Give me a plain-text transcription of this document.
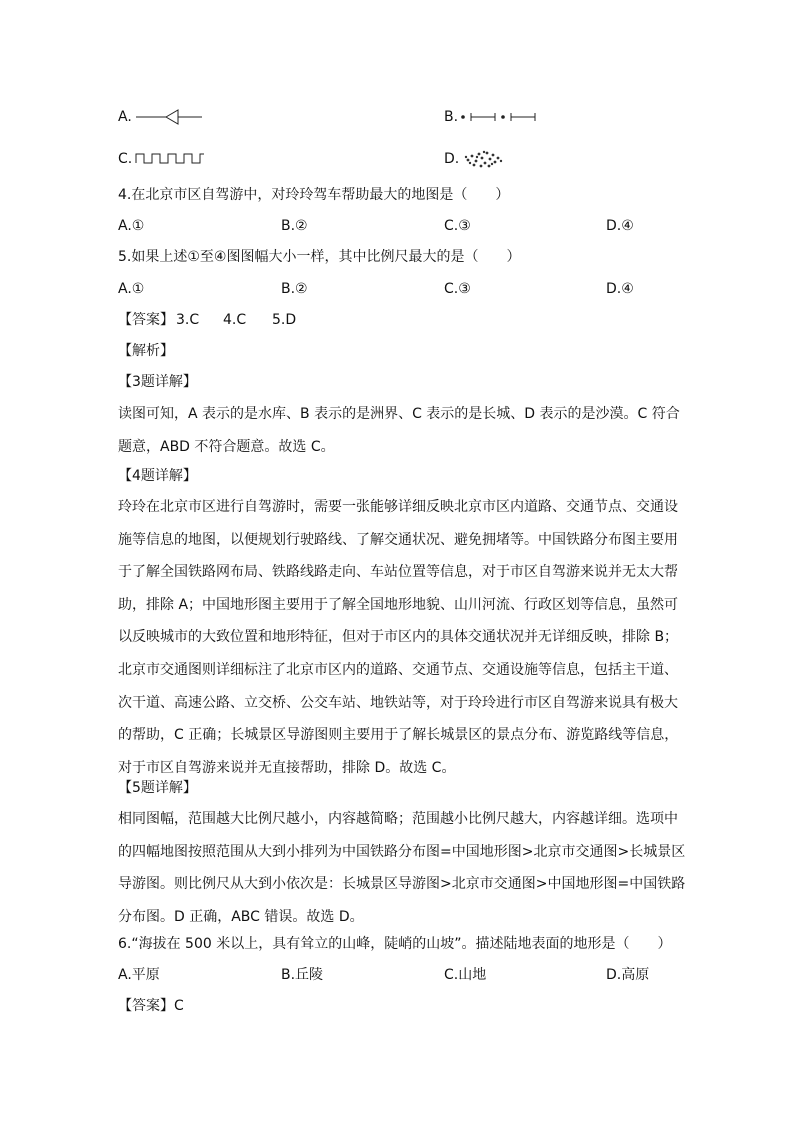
A.	B.
C.	D.
4.在北京市区自驾游中，对玲玲驾车帮助最大的地图是（　　）
A.①	B.②	C.③	D.④
5.如果上述①至④图图幅大小一样，其中比例尺最大的是（　　）
A.①	B.②	C.③	D.④
【答案】 3.C 4.C 5.D
【解析】
【3题详解】

读图可知，A 表示的是水库、B 表示的是洲界、C 表示的是长城、D 表示的是沙漠。C 符合

题意，ABD 不符合题意。故选 C。

【4题详解】

玲玲在北京市区进行自驾游时，需要一张能够详细反映北京市区内道路、交通节点、交通设

施等信息的地图，以便规划行驶路线、了解交通状况、避免拥堵等。中国铁路分布图主要用

于了解全国铁路网布局、铁路线路走向、车站位置等信息，对于市区自驾游来说并无太大帮

助，排除 A；中国地形图主要用于了解全国地形地貌、山川河流、行政区划等信息，虽然可

以反映城市的大致位置和地形特征，但对于市区内的具体交通状况并无详细反映，排除 B；

北京市交通图则详细标注了北京市区内的道路、交通节点、交通设施等信息，包括主干道、

次干道、高速公路、立交桥、公交车站、地铁站等，对于玲玲进行市区自驾游来说具有极大

的帮助，C 正确；长城景区导游图则主要用于了解长城景区的景点分布、游览路线等信息，

对于市区自驾游来说并无直接帮助，排除 D。故选 C。

【5题详解】

相同图幅，范围越大比例尺越小，内容越简略；范围越小比例尺越大，内容越详细。选项中

的四幅地图按照范围从大到小排列为中国铁路分布图=中国地形图>北京市交通图>长城景区

导游图。则比例尺从大到小依次是：长城景区导游图>北京市交通图>中国地形图=中国铁路

分布图。D 正确，ABC 错误。故选 D。

6.“海拔在 500 米以上，具有耸立的山峰，陡峭的山坡”。描述陆地表面的地形是（　　）
A.平原	B.丘陵	C.山地	D.高原
【答案】C
